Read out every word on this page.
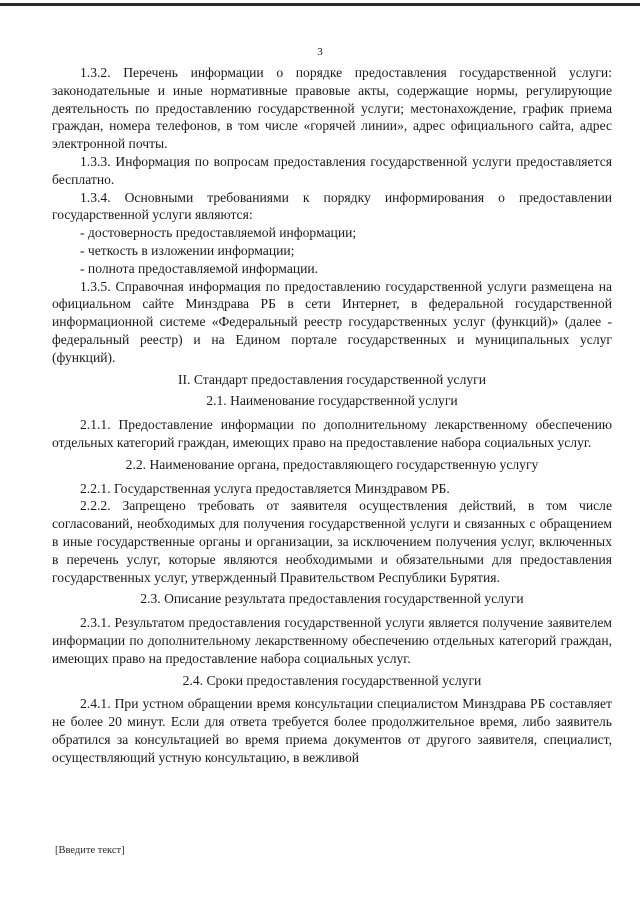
3

1.3.2. Перечень информации о порядке предоставления государственной услуги: законодательные и иные нормативные правовые акты, содержащие нормы, регулирующие деятельность по предоставлению государственной услуги; местонахождение, график приема граждан, номера телефонов, в том числе «горячей линии», адрес официального сайта, адрес электронной почты.

1.3.3. Информация по вопросам предоставления государственной услуги предоставляется бесплатно.

1.3.4. Основными требованиями к порядку информирования о предоставлении государственной услуги являются:

- достоверность предоставляемой информации;

- четкость в изложении информации;

- полнота предоставляемой информации.

1.3.5. Справочная информация по предоставлению государственной услуги размещена на официальном сайте Минздрава РБ в сети Интернет, в федеральной государственной информационной системе «Федеральный реестр государственных услуг (функций)» (далее - федеральный реестр) и на Едином портале государственных и муниципальных услуг (функций).

II. Стандарт предоставления государственной услуги

2.1. Наименование государственной услуги

2.1.1. Предоставление информации по дополнительному лекарственному обеспечению отдельных категорий граждан, имеющих право на предоставление набора социальных услуг.

2.2. Наименование органа, предоставляющего государственную услугу

2.2.1. Государственная услуга предоставляется Минздравом РБ.

2.2.2. Запрещено требовать от заявителя осуществления действий, в том числе согласований, необходимых для получения государственной услуги и связанных с обращением в иные государственные органы и организации, за исключением получения услуг, включенных в перечень услуг, которые являются необходимыми и обязательными для предоставления государственных услуг, утвержденный Правительством Республики Бурятия.

2.3. Описание результата предоставления государственной услуги

2.3.1. Результатом предоставления государственной услуги является получение заявителем информации по дополнительному лекарственному обеспечению отдельных категорий граждан, имеющих право на предоставление набора социальных услуг.

2.4. Сроки предоставления государственной услуги

2.4.1. При устном обращении время консультации специалистом Минздрава РБ составляет не более 20 минут. Если для ответа требуется более продолжительное время, либо заявитель обратился за консультацией во время приема документов от другого заявителя, специалист, осуществляющий устную консультацию, в вежливой

[Введите текст]
